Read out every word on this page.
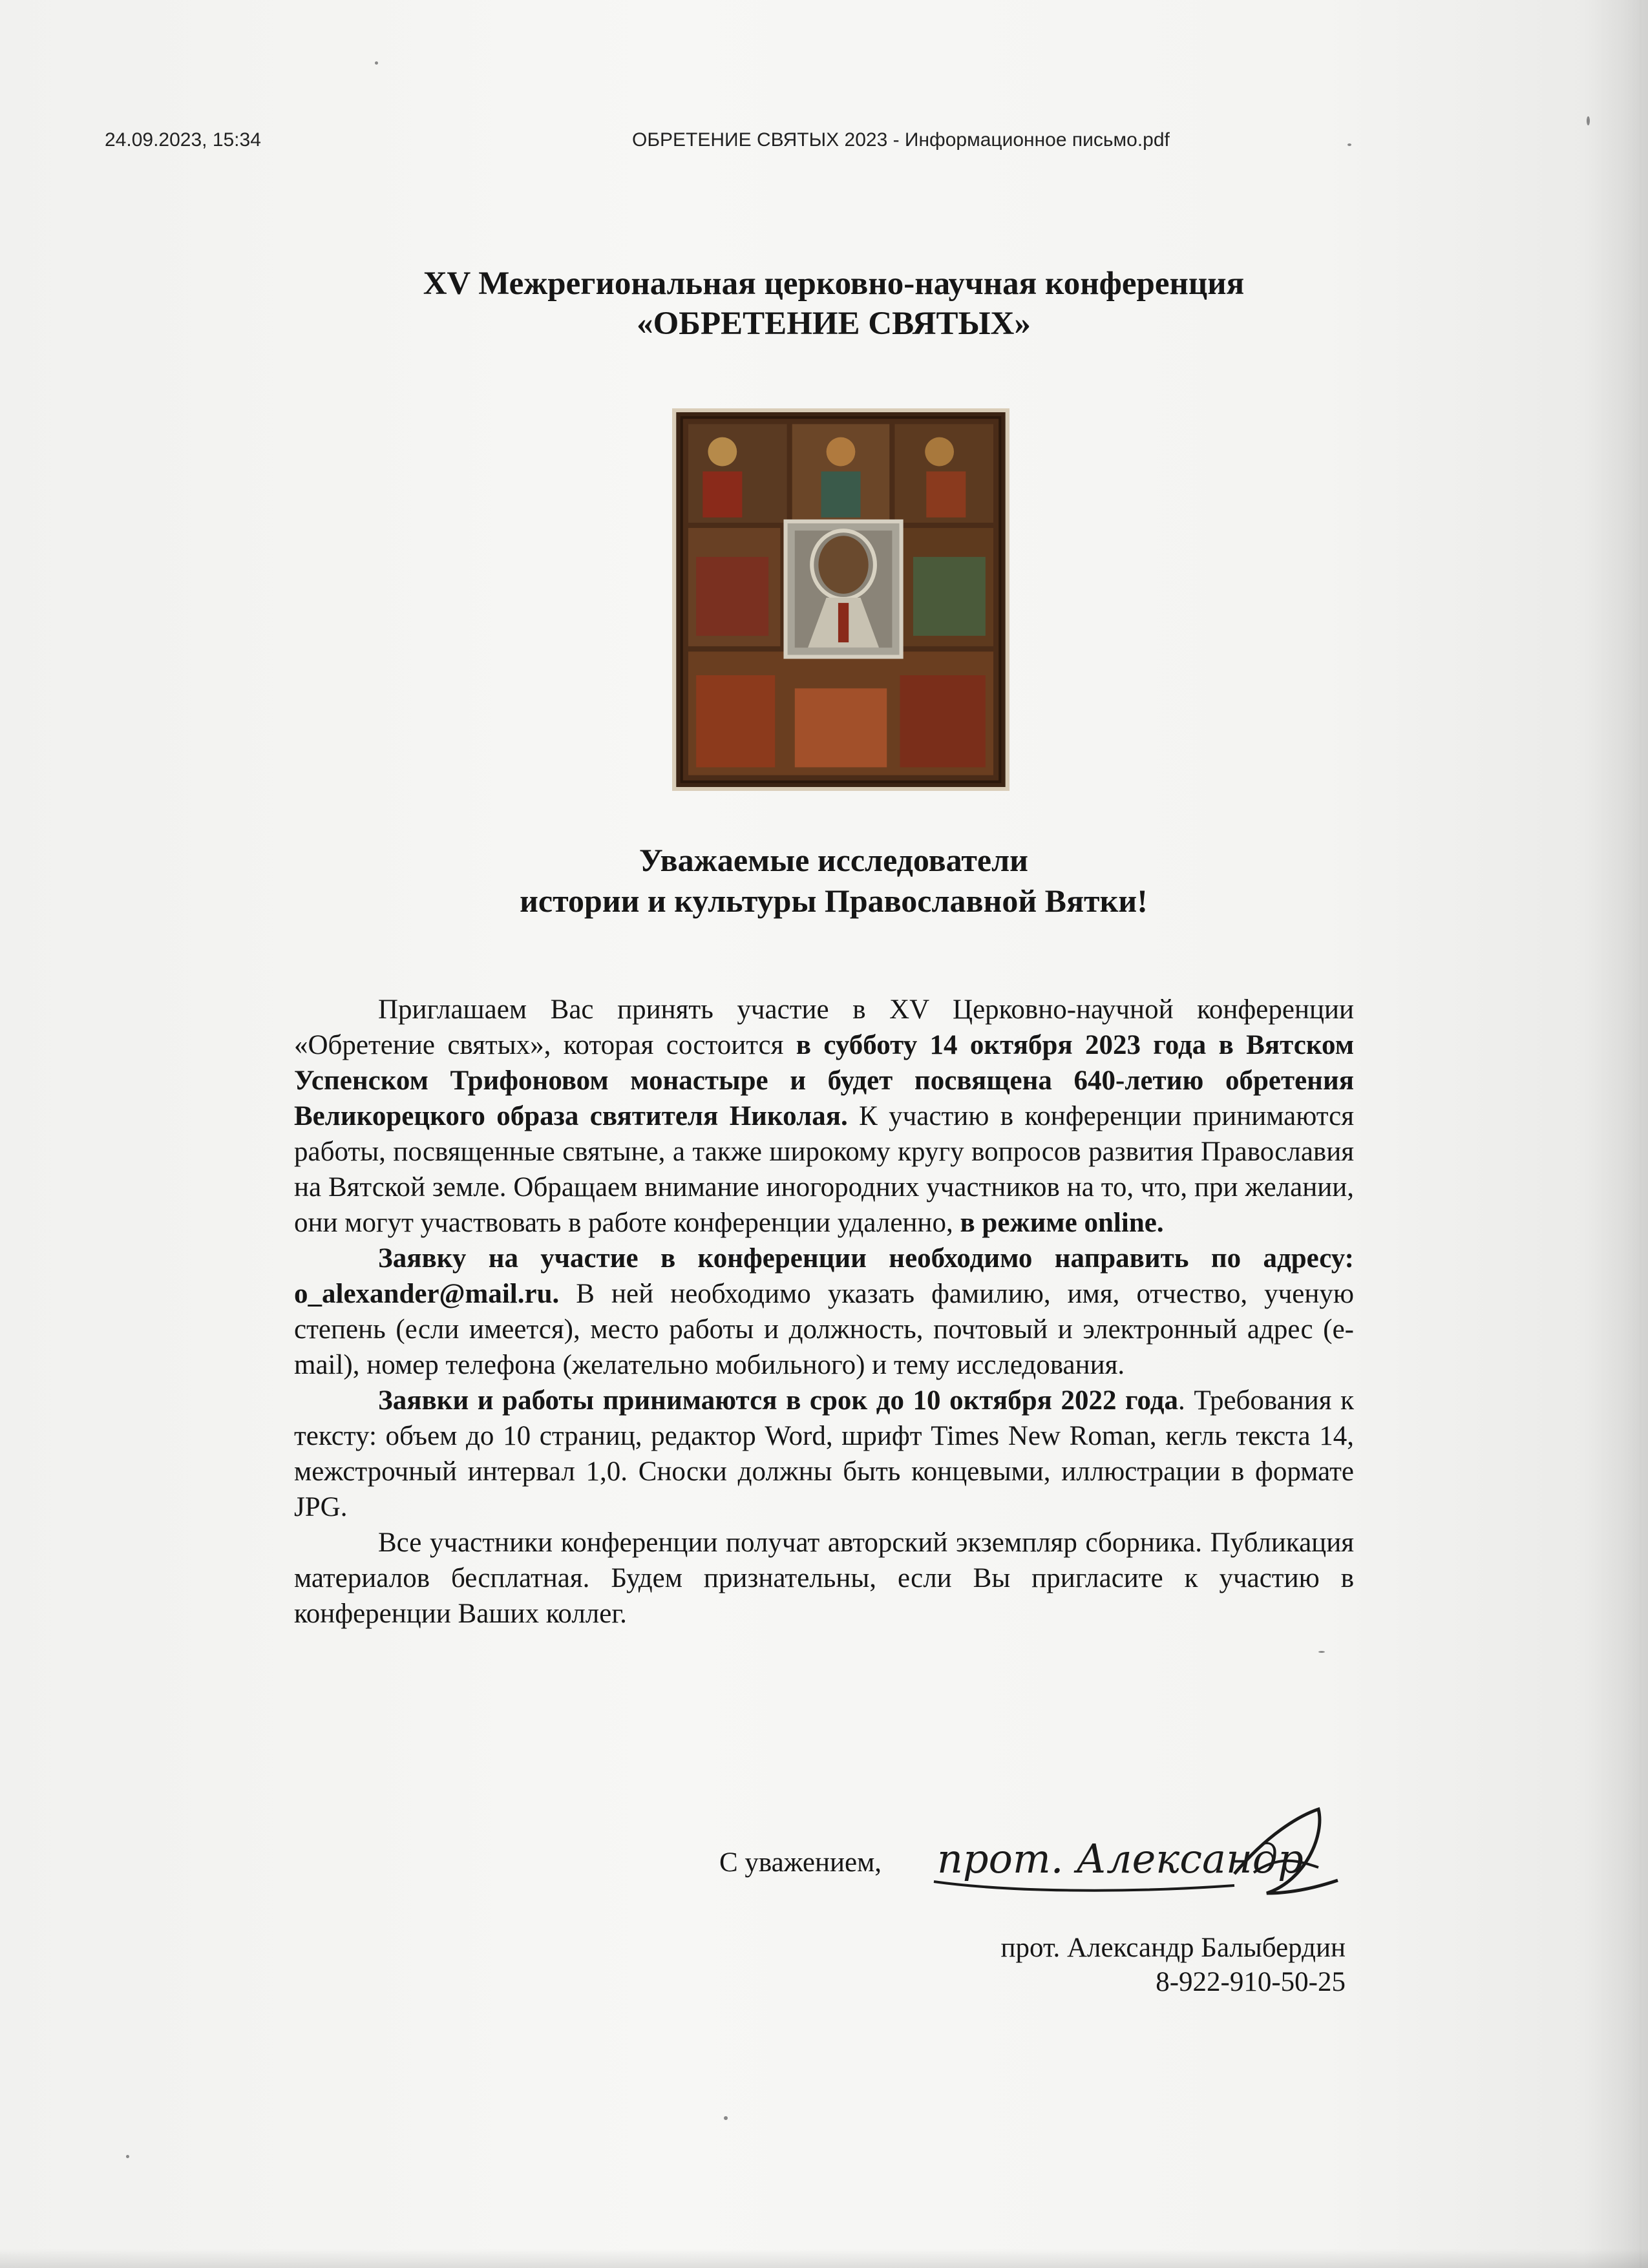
24.09.2023, 15:34	ОБРЕТЕНИЕ СВЯТЫХ 2023 - Информационное письмо.pdf
XV Межрегиональная церковно-научная конференция
«ОБРЕТЕНИЕ СВЯТЫХ»
Уважаемые исследователи
истории и культуры Православной Вятки!

Приглашаем Вас принять участие в XV Церковно-научной конференции «Обретение святых», которая состоится в субботу 14 октября 2023 года в Вятском Успенском Трифоновом монастыре и будет посвящена 640-летию обретения Великорецкого образа святителя Николая. К участию в конференции принимаются работы, посвященные святыне, а также широкому кругу вопросов развития Православия на Вятской земле. Обращаем внимание иногородних участников на то, что, при желании, они могут участвовать в работе конференции удаленно, в режиме online.

Заявку на участие в конференции необходимо направить по адресу: o_alexander@mail.ru. В ней необходимо указать фамилию, имя, отчество, ученую степень (если имеется), место работы и должность, почтовый и электронный адрес (e-mail), номер телефона (желательно мобильного) и тему исследования.

Заявки и работы принимаются в срок до 10 октября 2022 года. Требования к тексту: объем до 10 страниц, редактор Word, шрифт Times New Roman, кегль текста 14, межстрочный интервал 1,0. Сноски должны быть концевыми, иллюстрации в формате JPG.

Все участники конференции получат авторский экземпляр сборника. Публикация материалов бесплатная. Будем признательны, если Вы пригласите к участию в конференции Ваших коллег.

С уважением, прот. Александр
прот. Александр Балыбердин
8-922-910-50-25
